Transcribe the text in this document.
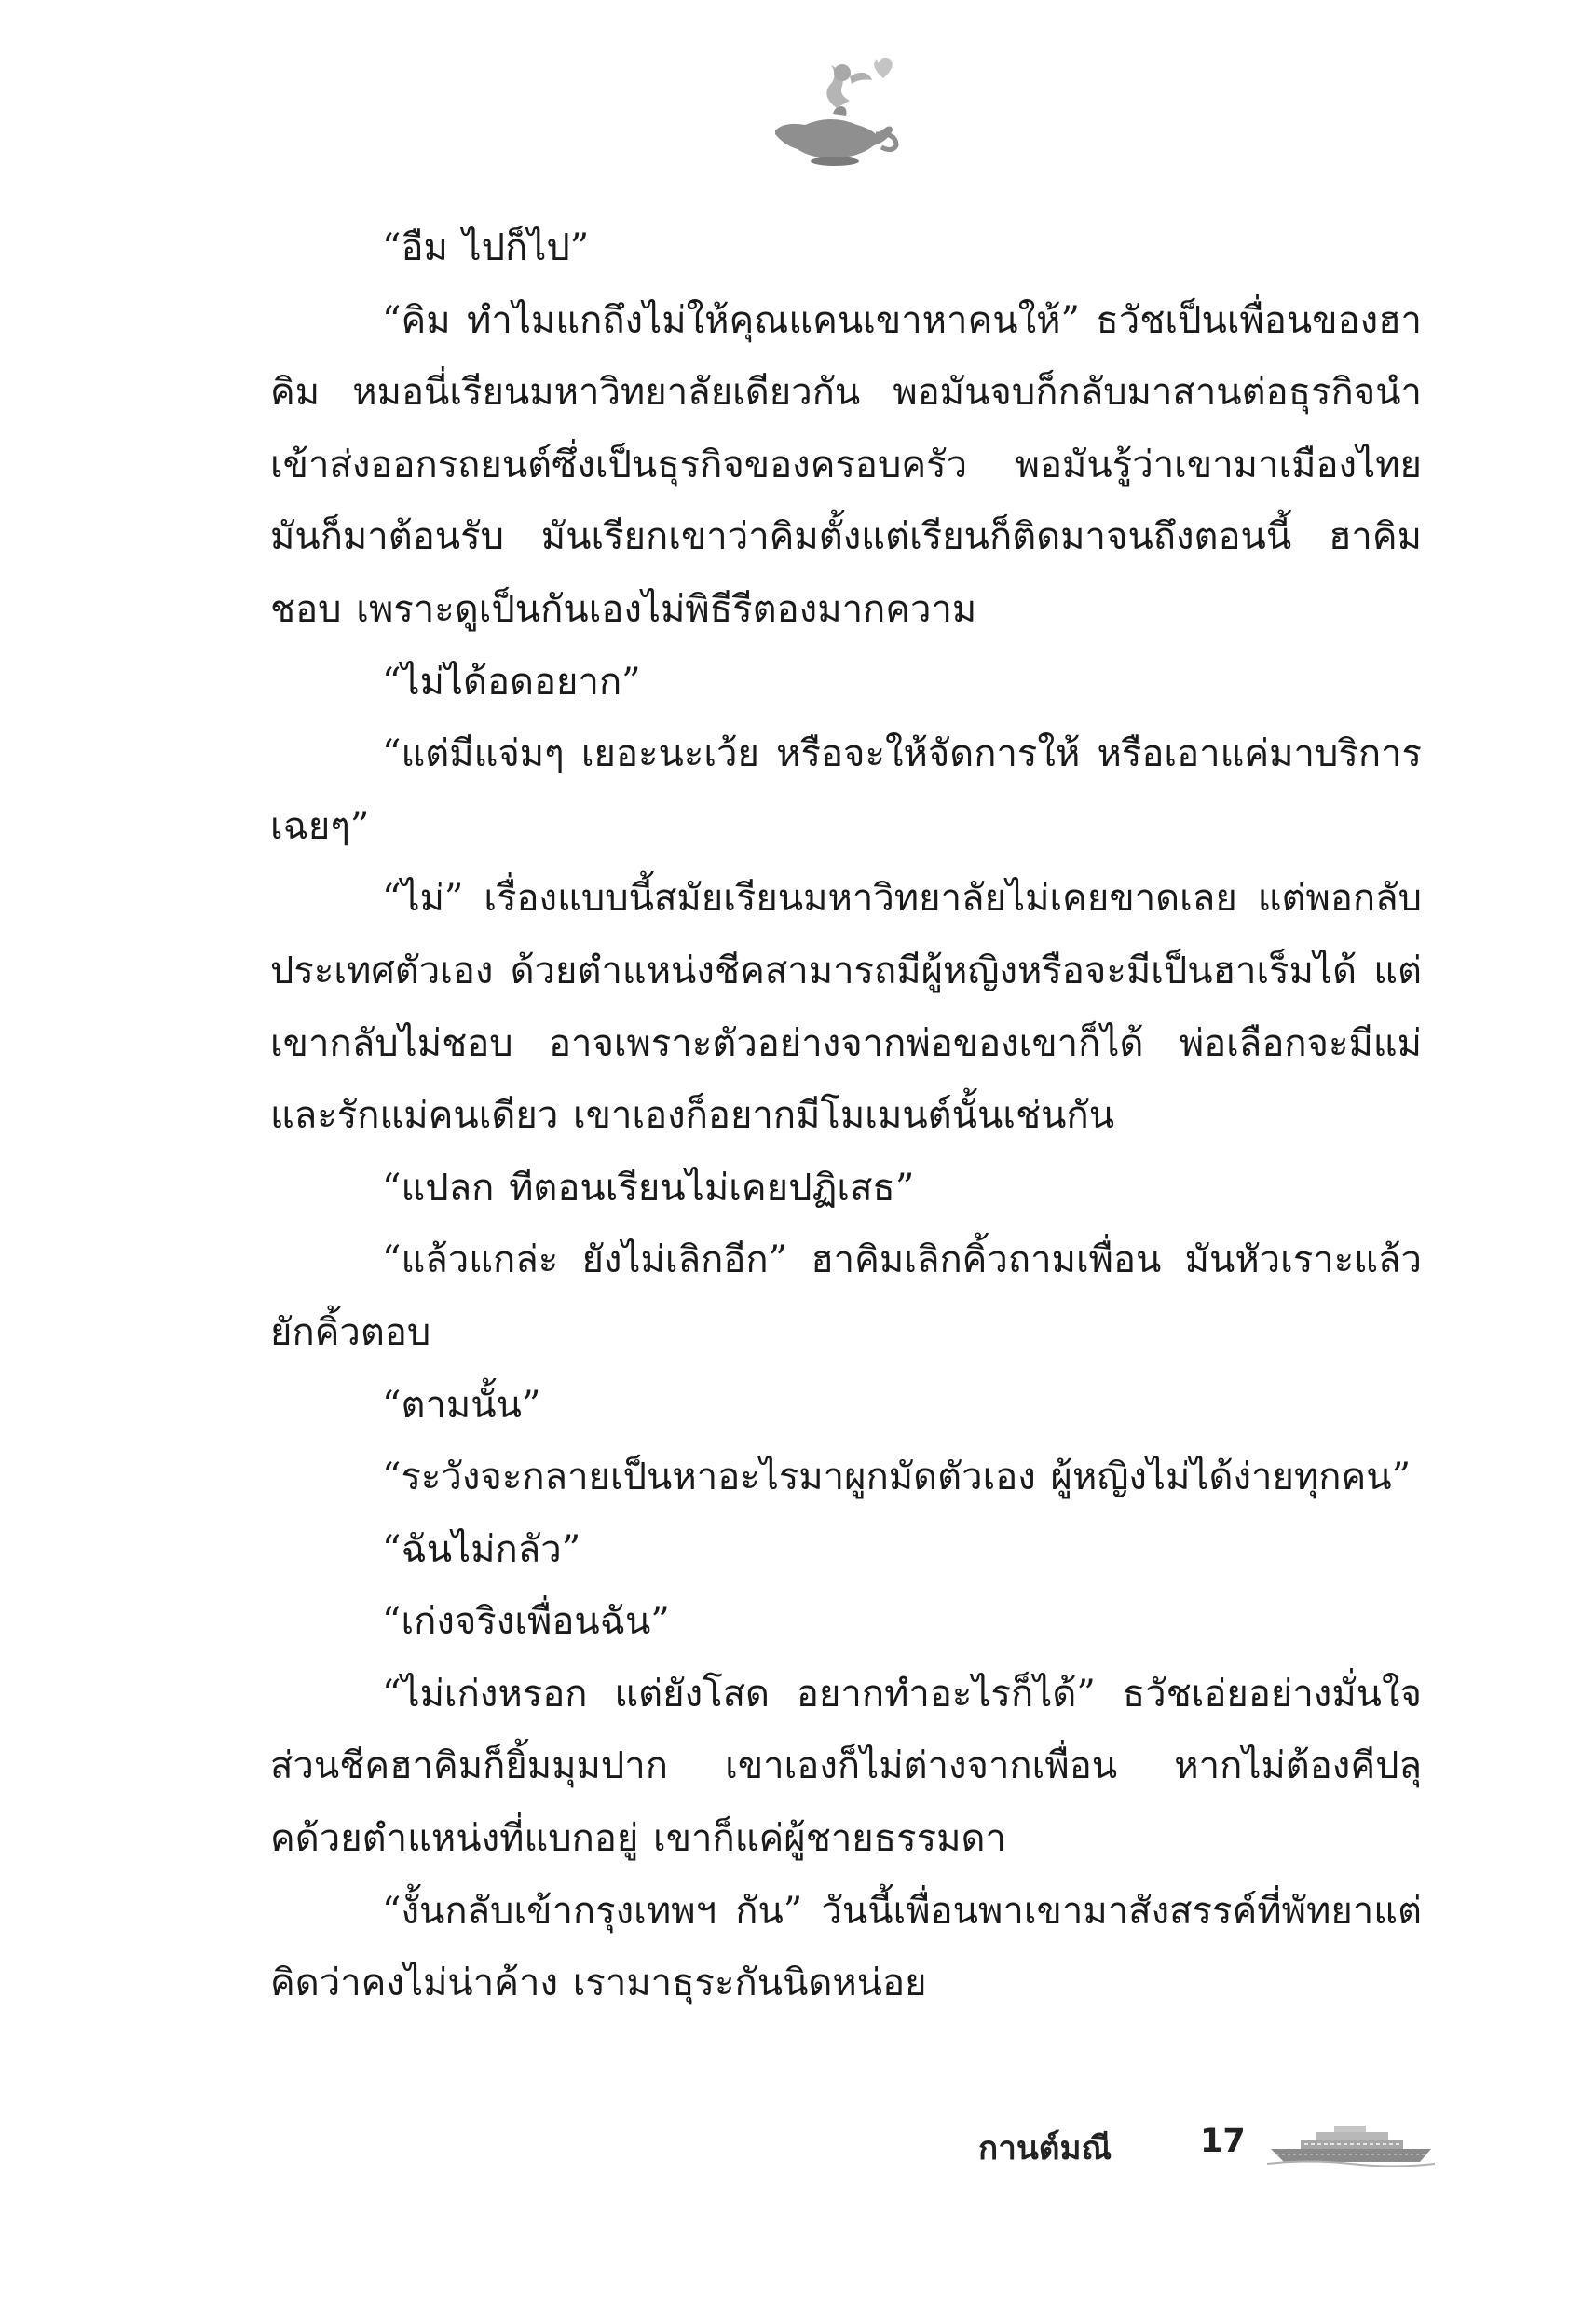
“อืม ไปก็ไป”

“คิม ทำไมแกถึงไม่ให้คุณแคนเขาหาคนให้” ธวัชเป็นเพื่อนของฮาคิม หมอนี่เรียนมหาวิทยาลัยเดียวกัน พอมันจบก็กลับมาสานต่อธุรกิจนำเข้าส่งออกรถยนต์ซึ่งเป็นธุรกิจของครอบครัว พอมันรู้ว่าเขามาเมืองไทยมันก็มาต้อนรับ มันเรียกเขาว่าคิมตั้งแต่เรียนก็ติดมาจนถึงตอนนี้ ฮาคิมชอบ เพราะดูเป็นกันเองไม่พิธีรีตองมากความ

“ไม่ได้อดอยาก”

“แต่มีแจ่มๆ เยอะนะเว้ย หรือจะให้จัดการให้ หรือเอาแค่มาบริการเฉยๆ”

“ไม่” เรื่องแบบนี้สมัยเรียนมหาวิทยาลัยไม่เคยขาดเลย แต่พอกลับประเทศตัวเอง ด้วยตำแหน่งชีคสามารถมีผู้หญิงหรือจะมีเป็นฮาเร็มได้ แต่เขากลับไม่ชอบ อาจเพราะตัวอย่างจากพ่อของเขาก็ได้ พ่อเลือกจะมีแม่และรักแม่คนเดียว เขาเองก็อยากมีโมเมนต์นั้นเช่นกัน

“แปลก ทีตอนเรียนไม่เคยปฏิเสธ”

“แล้วแกล่ะ ยังไม่เลิกอีก” ฮาคิมเลิกคิ้วถามเพื่อน มันหัวเราะแล้วยักคิ้วตอบ

“ตามนั้น”

“ระวังจะกลายเป็นหาอะไรมาผูกมัดตัวเอง ผู้หญิงไม่ได้ง่ายทุกคน”

“ฉันไม่กลัว”

“เก่งจริงเพื่อนฉัน”

“ไม่เก่งหรอก แต่ยังโสด อยากทำอะไรก็ได้” ธวัชเอ่ยอย่างมั่นใจส่วนชีคฮาคิมก็ยิ้มมุมปาก เขาเองก็ไม่ต่างจากเพื่อน หากไม่ต้องคีปลุคด้วยตำแหน่งที่แบกอยู่ เขาก็แค่ผู้ชายธรรมดา

“งั้นกลับเข้ากรุงเทพฯ กัน” วันนี้เพื่อนพาเขามาสังสรรค์ที่พัทยาแต่คิดว่าคงไม่น่าค้าง เรามาธุระกันนิดหน่อย

กานต์มณี	17
